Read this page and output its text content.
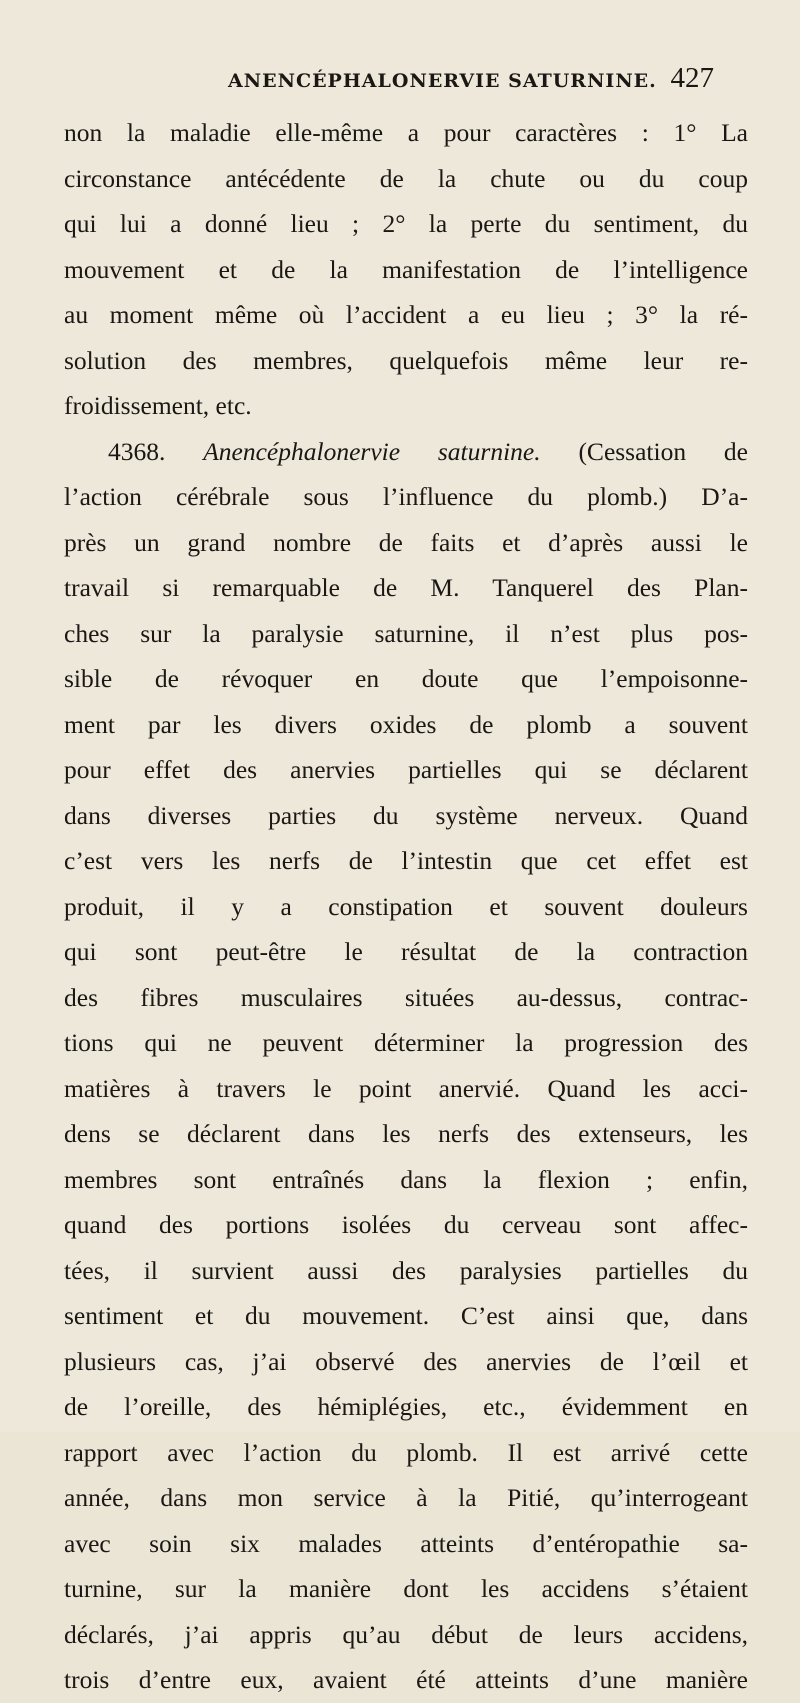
ANENCÉPHALONERVIE SATURNINE. 427
non la maladie elle-même a pour caractères : 1° La
circonstance antécédente de la chute ou du coup
qui lui a donné lieu ; 2° la perte du sentiment, du
mouvement et de la manifestation de l’intelligence
au moment même où l’accident a eu lieu ; 3° la ré-
solution des membres, quelquefois même leur re-
froidissement, etc.
4368. Anencéphalonervie saturnine. (Cessation de
l’action cérébrale sous l’influence du plomb.) D’a-
près un grand nombre de faits et d’après aussi le
travail si remarquable de M. Tanquerel des Plan-
ches sur la paralysie saturnine, il n’est plus pos-
sible de révoquer en doute que l’empoisonne-
ment par les divers oxides de plomb a souvent
pour effet des anervies partielles qui se déclarent
dans diverses parties du système nerveux. Quand
c’est vers les nerfs de l’intestin que cet effet est
produit, il y a constipation et souvent douleurs
qui sont peut-être le résultat de la contraction
des fibres musculaires situées au-dessus, contrac-
tions qui ne peuvent déterminer la progression des
matières à travers le point anervié. Quand les acci-
dens se déclarent dans les nerfs des extenseurs, les
membres sont entraînés dans la flexion ; enfin,
quand des portions isolées du cerveau sont affec-
tées, il survient aussi des paralysies partielles du
sentiment et du mouvement. C’est ainsi que, dans
plusieurs cas, j’ai observé des anervies de l’œil et
de l’oreille, des hémiplégies, etc., évidemment en
rapport avec l’action du plomb. Il est arrivé cette
année, dans mon service à la Pitié, qu’interrogeant
avec soin six malades atteints d’entéropathie sa-
turnine, sur la manière dont les accidens s’étaient
déclarés, j’ai appris qu’au début de leurs accidens,
trois d’entre eux, avaient été atteints d’une manière
